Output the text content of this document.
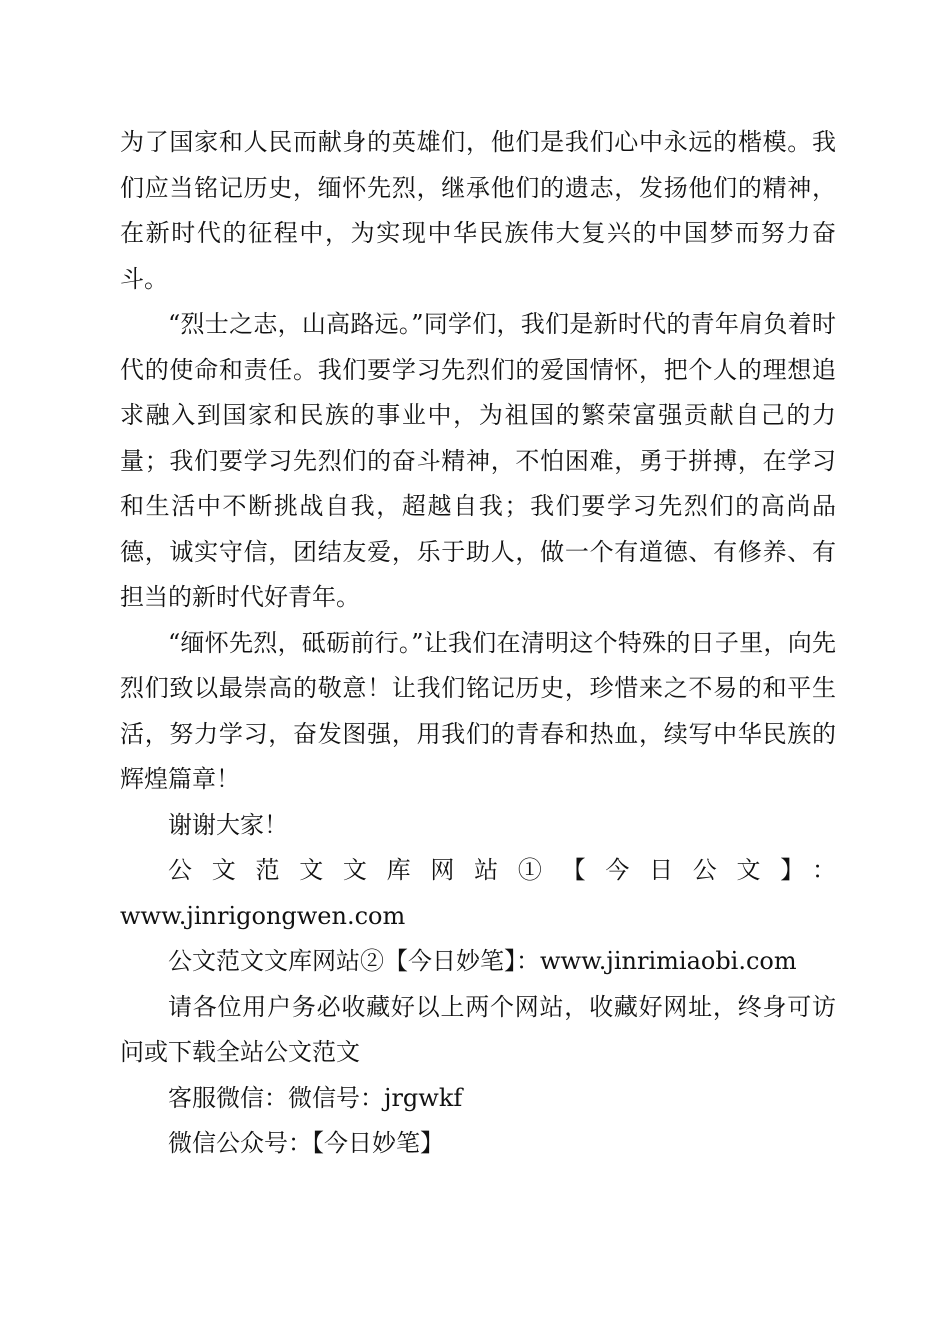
为了国家和人民而献身的英雄们，他们是我们心中永远的楷模。我们应当铭记历史，缅怀先烈，继承他们的遗志，发扬他们的精神，在新时代的征程中，为实现中华民族伟大复兴的中国梦而努力奋斗。

“烈士之志，山高路远。”同学们，我们是新时代的青年肩负着时代的使命和责任。我们要学习先烈们的爱国情怀，把个人的理想追求融入到国家和民族的事业中，为祖国的繁荣富强贡献自己的力量；我们要学习先烈们的奋斗精神，不怕困难，勇于拼搏，在学习和生活中不断挑战自我，超越自我；我们要学习先烈们的高尚品德，诚实守信，团结友爱，乐于助人，做一个有道德、有修养、有担当的新时代好青年。

“缅怀先烈，砥砺前行。”让我们在清明这个特殊的日子里，向先烈们致以最崇高的敬意！让我们铭记历史，珍惜来之不易的和平生活，努力学习，奋发图强，用我们的青春和热血，续写中华民族的辉煌篇章！

谢谢大家！

公文范文文库网站①【今日公文】：

www.jinrigongwen.com

公文范文文库网站②【今日妙笔】：www.jinrimiaobi.com

请各位用户务必收藏好以上两个网站，收藏好网址，终身可访问或下载全站公文范文

客服微信：微信号：jrgwkf

微信公众号：【今日妙笔】
